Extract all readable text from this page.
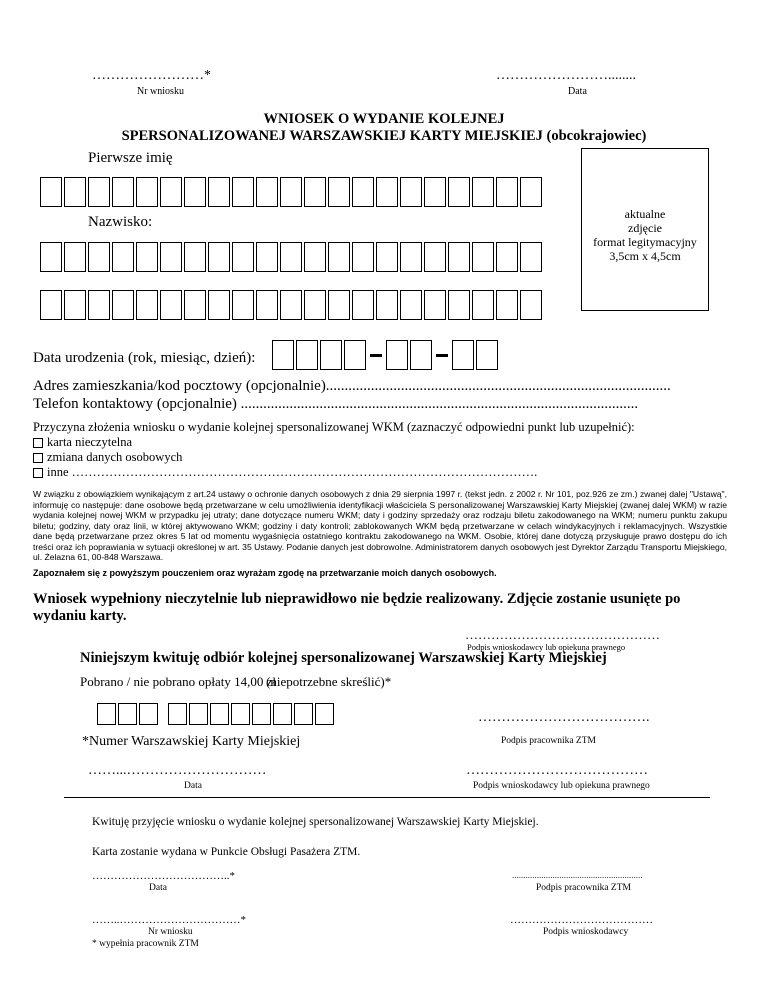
……………………*
Nr wniosku
……………………........
Data
WNIOSEK O WYDANIE KOLEJNEJ
SPERSONALIZOWANEJ WARSZAWSKIEJ KARTY MIEJSKIEJ (obcokrajowiec)
Pierwsze imię
aktualne
zdjęcie
format legitymacyjny
3,5cm x 4,5cm
Nazwisko:
Data urodzenia (rok, miesiąc, dzień):
Adres zamieszkania/kod pocztowy (opcjonalnie)............................................................................................
Telefon kontaktowy (opcjonalnie) ..........................................................................................................
Przyczyna złożenia wniosku o wydanie kolejnej spersonalizowanej WKM (zaznaczyć odpowiedni punkt lub uzupełnić):
karta nieczytelna
zmiana danych osobowych
inne ………………………………………………………………………………………………….
W związku z obowiązkiem wynikającym z art.24 ustawy o ochronie danych osobowych z dnia 29 sierpnia 1997 r. (tekst jedn. z 2002 r. Nr 101, poz.926 ze zm.) zwanej dalej "Ustawą", informuję co następuje: dane osobowe będą przetwarzane w celu umożliwienia identyfikacji właściciela S personalizowanej Warszawskiej Karty Miejskiej (zwanej dalej WKM) w razie wydania kolejnej nowej WKM w przypadku jej utraty; dane dotyczące numeru WKM; daty i godziny sprzedaży oraz rodzaju biletu zakodowanego na WKM; numeru punktu zakupu biletu; godziny, daty oraz linii, w której aktywowano WKM; godziny i daty kontroli; zablokowanych WKM będą przetwarzane w celach windykacyjnych i reklamacyjnych. Wszystkie dane będą przetwarzane przez okres 5 lat od momentu wygaśnięcia ostatniego kontraktu zakodowanego na WKM. Osobie, której dane dotyczą przysługuje prawo dostępu do ich treści oraz ich poprawiania w sytuacji określonej w art. 35 Ustawy. Podanie danych jest dobrowolne. Administratorem danych osobowych jest Dyrektor Zarządu Transportu Miejskiego, ul. Żelazna 61, 00-848 Warszawa.
Zapoznałem się z powyższym pouczeniem oraz wyrażam zgodę na przetwarzanie moich danych osobowych.
Wniosek wypełniony nieczytelnie lub nieprawidłowo nie będzie realizowany. Zdjęcie zostanie usunięte po wydaniu karty.
………………………………………
Podpis wnioskodawcy lub opiekuna prawnego
Niniejszym kwituję odbiór kolejnej spersonalizowanej Warszawskiej Karty Miejskiej
Pobrano / nie pobrano opłaty 14,00 zł
(niepotrzebne skreślić)*
……………………………….
*Numer Warszawskiej Karty Miejskiej	Podpis pracownika ZTM
……...…………………………
Data
…………………………………
Podpis wnioskodawcy lub opiekuna prawnego
Kwituję przyjęcie wniosku o wydanie kolejnej spersonalizowanej Warszawskiej Karty Miejskiej.
Karta zostanie wydana w Punkcie Obsługi Pasażera ZTM.
………………………………..*
Data
..........................................................
Podpis pracownika ZTM
……..……………………………*
Nr wniosku
* wypełnia pracownik ZTM
…………………………………
Podpis wnioskodawcy
